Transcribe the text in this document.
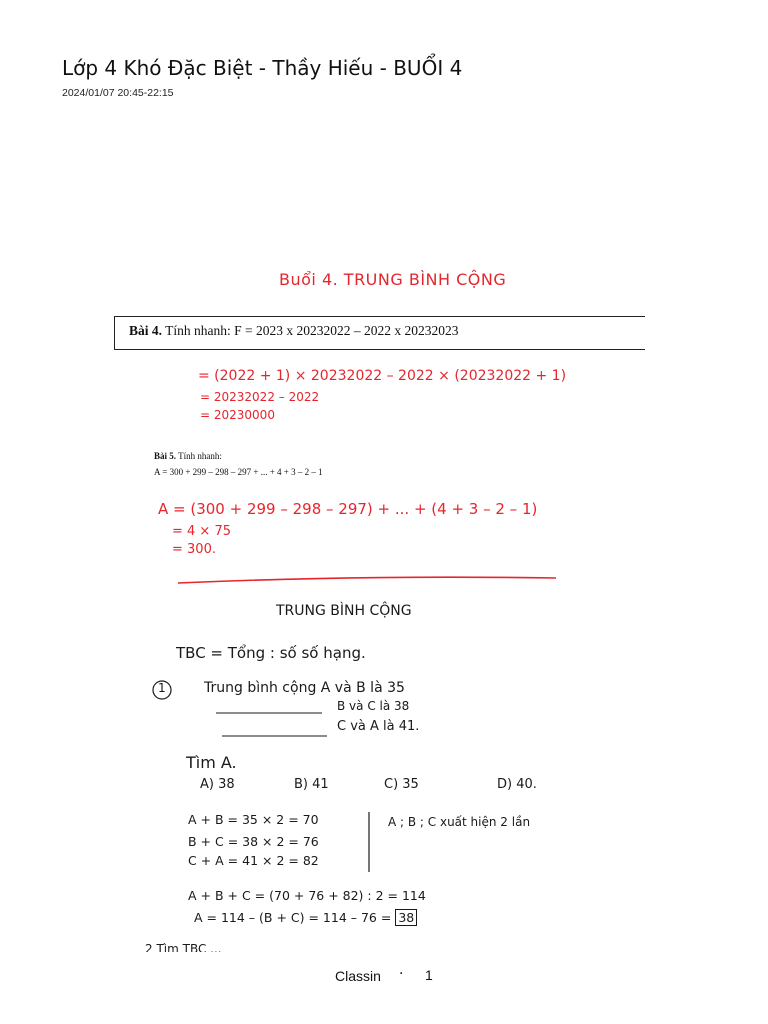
Lớp 4 Khó Đặc Biệt - Thầy Hiếu - BUỔI 4
2024/01/07 20:45-22:15
Buổi 4. TRUNG BÌNH CỘNG
Bài 4. Tính nhanh: F = 2023 x 20232022 – 2022 x 20232023
= (2022 + 1) × 20232022 – 2022 × (20232022 + 1)
= 20232022 – 2022
= 20230000
Bài 5. Tính nhanh:
A = 300 + 299 – 298 – 297 + ... + 4 + 3 – 2 – 1
A = (300 + 299 – 298 – 297) + ... + (4 + 3 – 2 – 1)
= 4 × 75
= 300.
TRUNG BÌNH CỘNG
TBC = Tổng : số số hạng.
1	Trung bình cộng A và B là 35
B và C là 38
C và A là 41.
Tìm A.
A) 38	B) 41	C) 35	D) 40.
A + B = 35 × 2 = 70
B + C = 38 × 2 = 76
C + A = 41 × 2 = 82
A ; B ; C xuất hiện 2 lần
A + B + C = (70 + 76 + 82) : 2 = 114
A = 114 – (B + C) = 114 – 76 = 38
2 Tìm TBC ...
Classin · 1
